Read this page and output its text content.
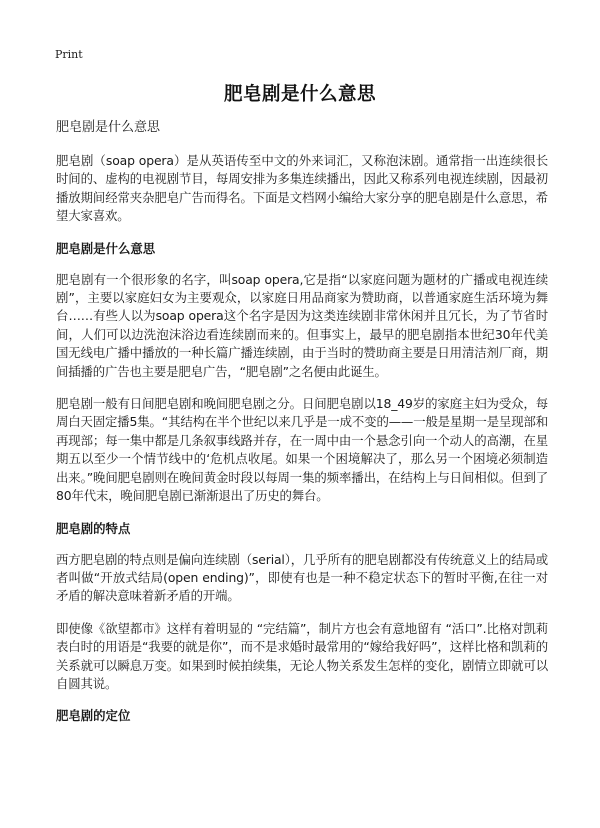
Print
肥皂剧是什么意思
肥皂剧是什么意思

肥皂剧（soap opera）是从英语传至中文的外来词汇，又称泡沫剧。通常指一出连续很长时间的、虚构的电视剧节目，每周安排为多集连续播出，因此又称系列电视连续剧，因最初播放期间经常夹杂肥皂广告而得名。下面是文档网小编给大家分享的肥皂剧是什么意思，希望大家喜欢。

肥皂剧是什么意思

肥皂剧有一个很形象的名字，叫soap opera,它是指“以家庭问题为题材的广播或电视连续剧”，主要以家庭妇女为主要观众，以家庭日用品商家为赞助商，以普通家庭生活环境为舞台……有些人以为soap opera这个名字是因为这类连续剧非常休闲并且冗长，为了节省时间，人们可以边洗泡沫浴边看连续剧而来的。但事实上，最早的肥皂剧指本世纪30年代美国无线电广播中播放的一种长篇广播连续剧，由于当时的赞助商主要是日用清洁剂厂商，期间插播的广告也主要是肥皂广告，“肥皂剧”之名便由此诞生。

肥皂剧一般有日间肥皂剧和晚间肥皂剧之分。日间肥皂剧以18_49岁的家庭主妇为受众，每周白天固定播5集。“其结构在半个世纪以来几乎是一成不变的——一般是星期一是呈现部和再现部；每一集中都是几条叙事线路并存，在一周中由一个悬念引向一个动人的高潮，在星期五以至少一个情节线中的‘危机点收尾。如果一个困境解决了，那么另一个困境必须制造出来。”晚间肥皂剧则在晚间黄金时段以每周一集的频率播出，在结构上与日间相似。但到了80年代末，晚间肥皂剧已渐渐退出了历史的舞台。

肥皂剧的特点

西方肥皂剧的特点则是偏向连续剧（serial），几乎所有的肥皂剧都没有传统意义上的结局或者叫做“开放式结局(open ending)”，即使有也是一种不稳定状态下的暂时平衡,在往一对矛盾的解决意味着新矛盾的开端。

即使像《欲望都市》这样有着明显的 “完结篇”，制片方也会有意地留有 “活口”.比格对凯莉表白时的用语是“我要的就是你”，而不是求婚时最常用的“嫁给我好吗”，这样比格和凯莉的关系就可以瞬息万变。如果到时候拍续集，无论人物关系发生怎样的变化，剧情立即就可以自圆其说。

肥皂剧的定位
